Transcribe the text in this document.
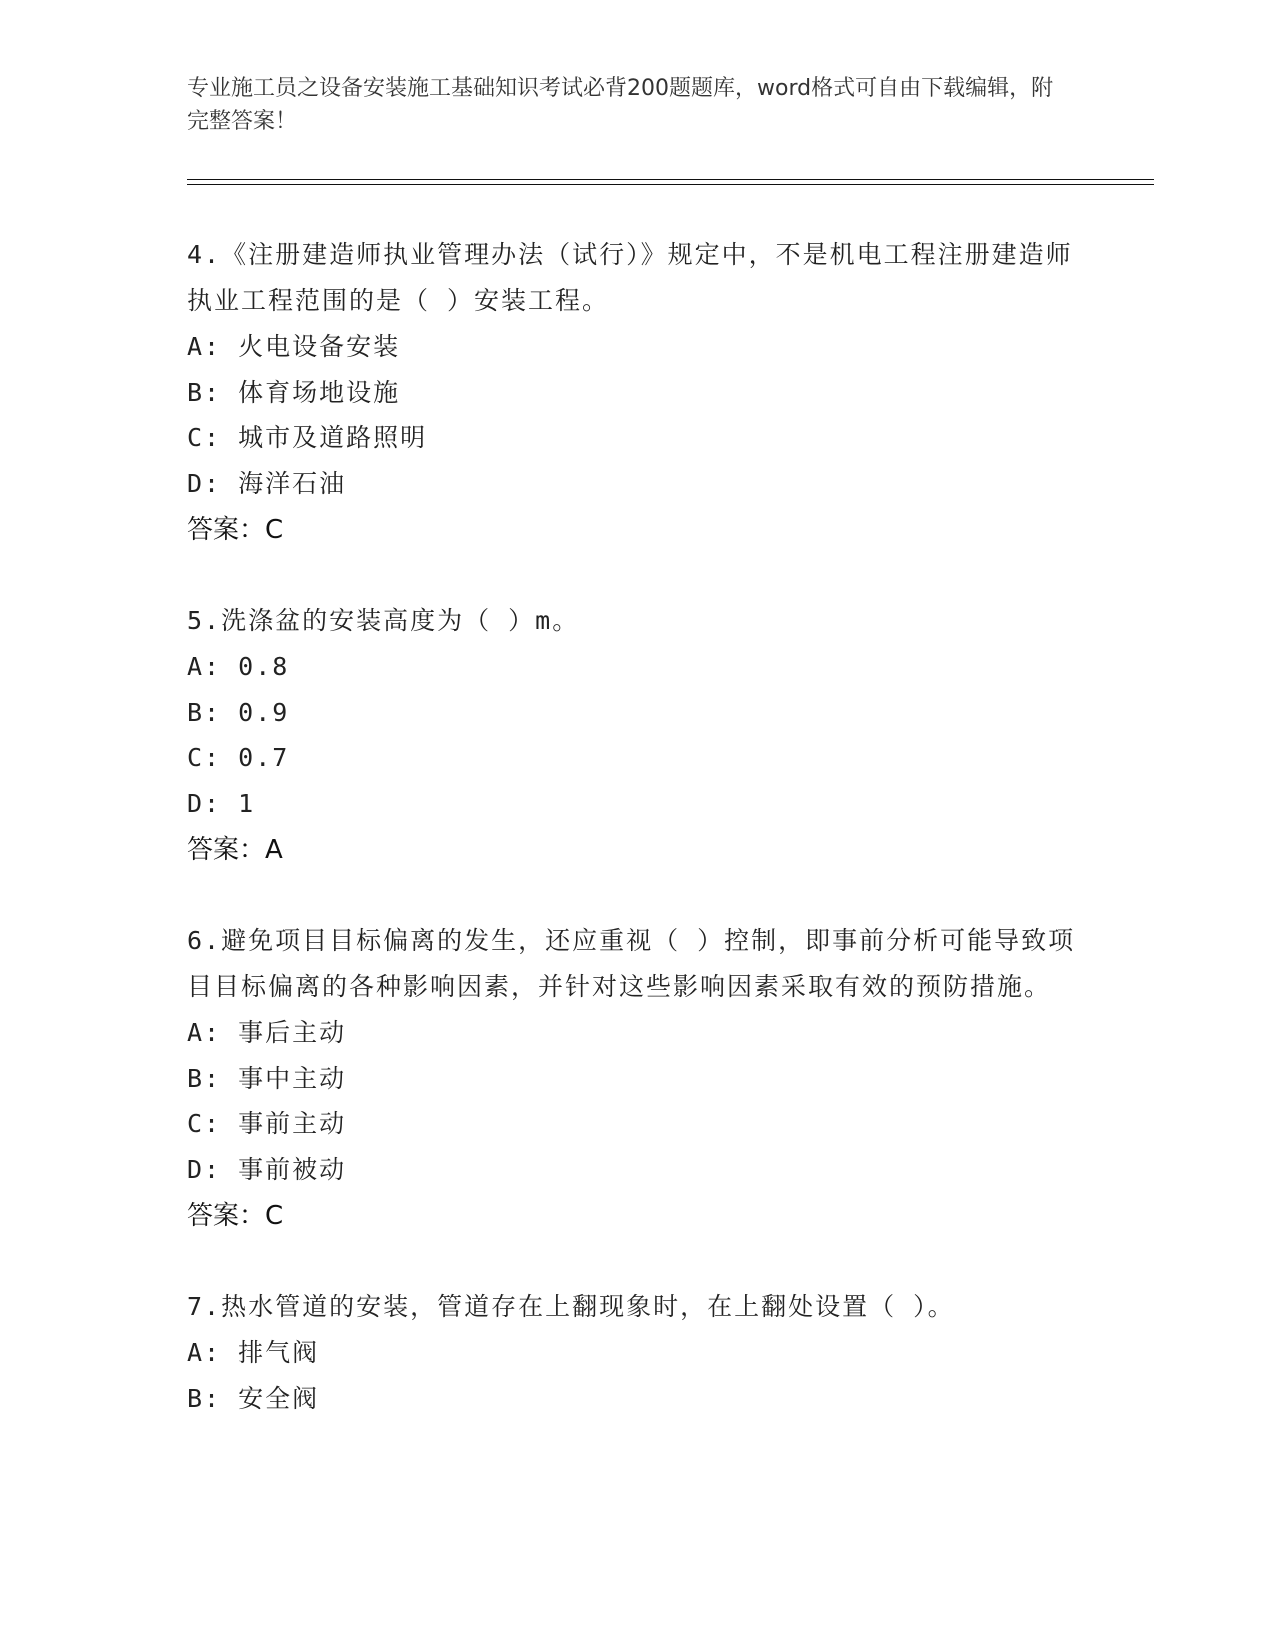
专业施工员之设备安装施工基础知识考试必背200题题库，word格式可自由下载编辑，附完整答案！

4.《注册建造师执业管理办法（试行）》规定中，不是机电工程注册建造师执业工程范围的是（ ）安装工程。

A: 火电设备安装
B: 体育场地设施
C: 城市及道路照明
D: 海洋石油
答案：C

5.洗涤盆的安装高度为（ ）m。

A: 0.8
B: 0.9
C: 0.7
D: 1
答案：A

6.避免项目目标偏离的发生，还应重视（ ）控制，即事前分析可能导致项目目标偏离的各种影响因素，并针对这些影响因素采取有效的预防措施。

A: 事后主动
B: 事中主动
C: 事前主动
D: 事前被动
答案：C

7.热水管道的安装，管道存在上翻现象时，在上翻处设置（ ）。

A: 排气阀
B: 安全阀
